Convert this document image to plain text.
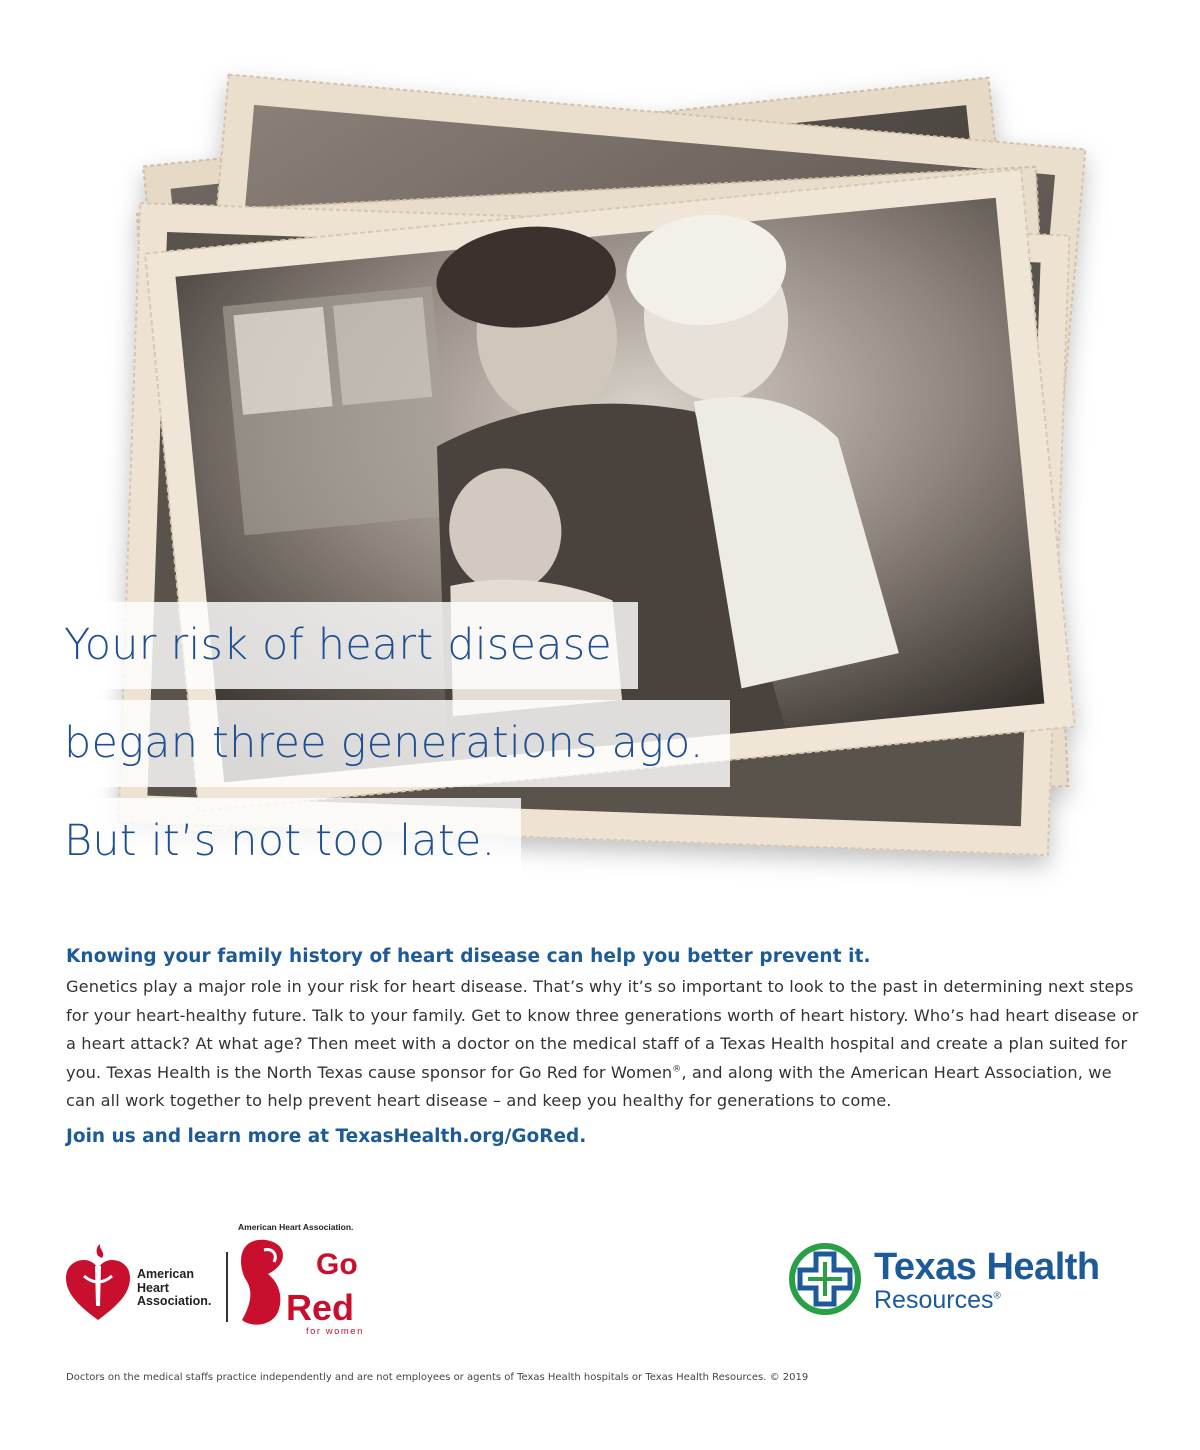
Your risk of heart disease
began three generations ago.
But it’s not too late.

Knowing your family history of heart disease can help you better prevent it.

Genetics play a major role in your risk for heart disease. That’s why it’s so important to look to the past in determining next steps for your heart-healthy future. Talk to your family. Get to know three generations worth of heart history. Who’s had heart disease or a heart attack? At what age? Then meet with a doctor on the medical staff of a Texas Health hospital and create a plan suited for you. Texas Health is the North Texas cause sponsor for Go Red for Women®, and along with the American Heart Association, we can all work together to help prevent heart disease – and keep you healthy for generations to come.

Join us and learn more at TexasHealth.org/GoRed.

American
Heart
Association.
American Heart Association.
Go
Red
for women
Texas Health
Resources®
Doctors on the medical staffs practice independently and are not employees or agents of Texas Health hospitals or Texas Health Resources. © 2019
